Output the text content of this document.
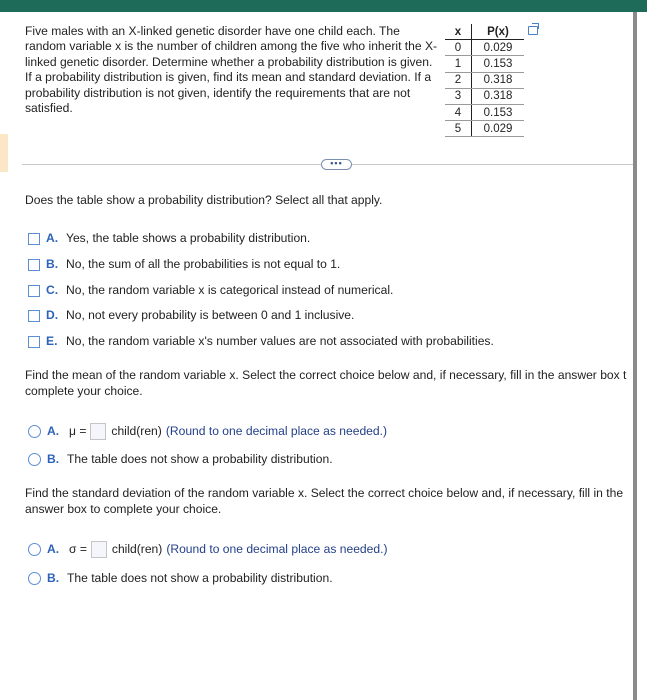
Five males with an X-linked genetic disorder have one child each. The random variable x is the number of children among the five who inherit the X-linked genetic disorder. Determine whether a probability distribution is given. If a probability distribution is given, find its mean and standard deviation. If a probability distribution is not given, identify the requirements that are not satisfied.
x	P(x)
0	0.029
1	0.153
2	0.318
3	0.318
4	0.153
5	0.029
•••
Does the table show a probability distribution? Select all that apply.
A. Yes, the table shows a probability distribution.
B. No, the sum of all the probabilities is not equal to 1.
C. No, the random variable x is categorical instead of numerical.
D. No, not every probability is between 0 and 1 inclusive.
E. No, the random variable x's number values are not associated with probabilities.
Find the mean of the random variable x. Select the correct choice below and, if necessary, fill in the answer box t
complete your choice.
A. μ = child(ren) (Round to one decimal place as needed.)
B. The table does not show a probability distribution.
Find the standard deviation of the random variable x. Select the correct choice below and, if necessary, fill in the
answer box to complete your choice.
A. σ = child(ren) (Round to one decimal place as needed.)
B. The table does not show a probability distribution.
